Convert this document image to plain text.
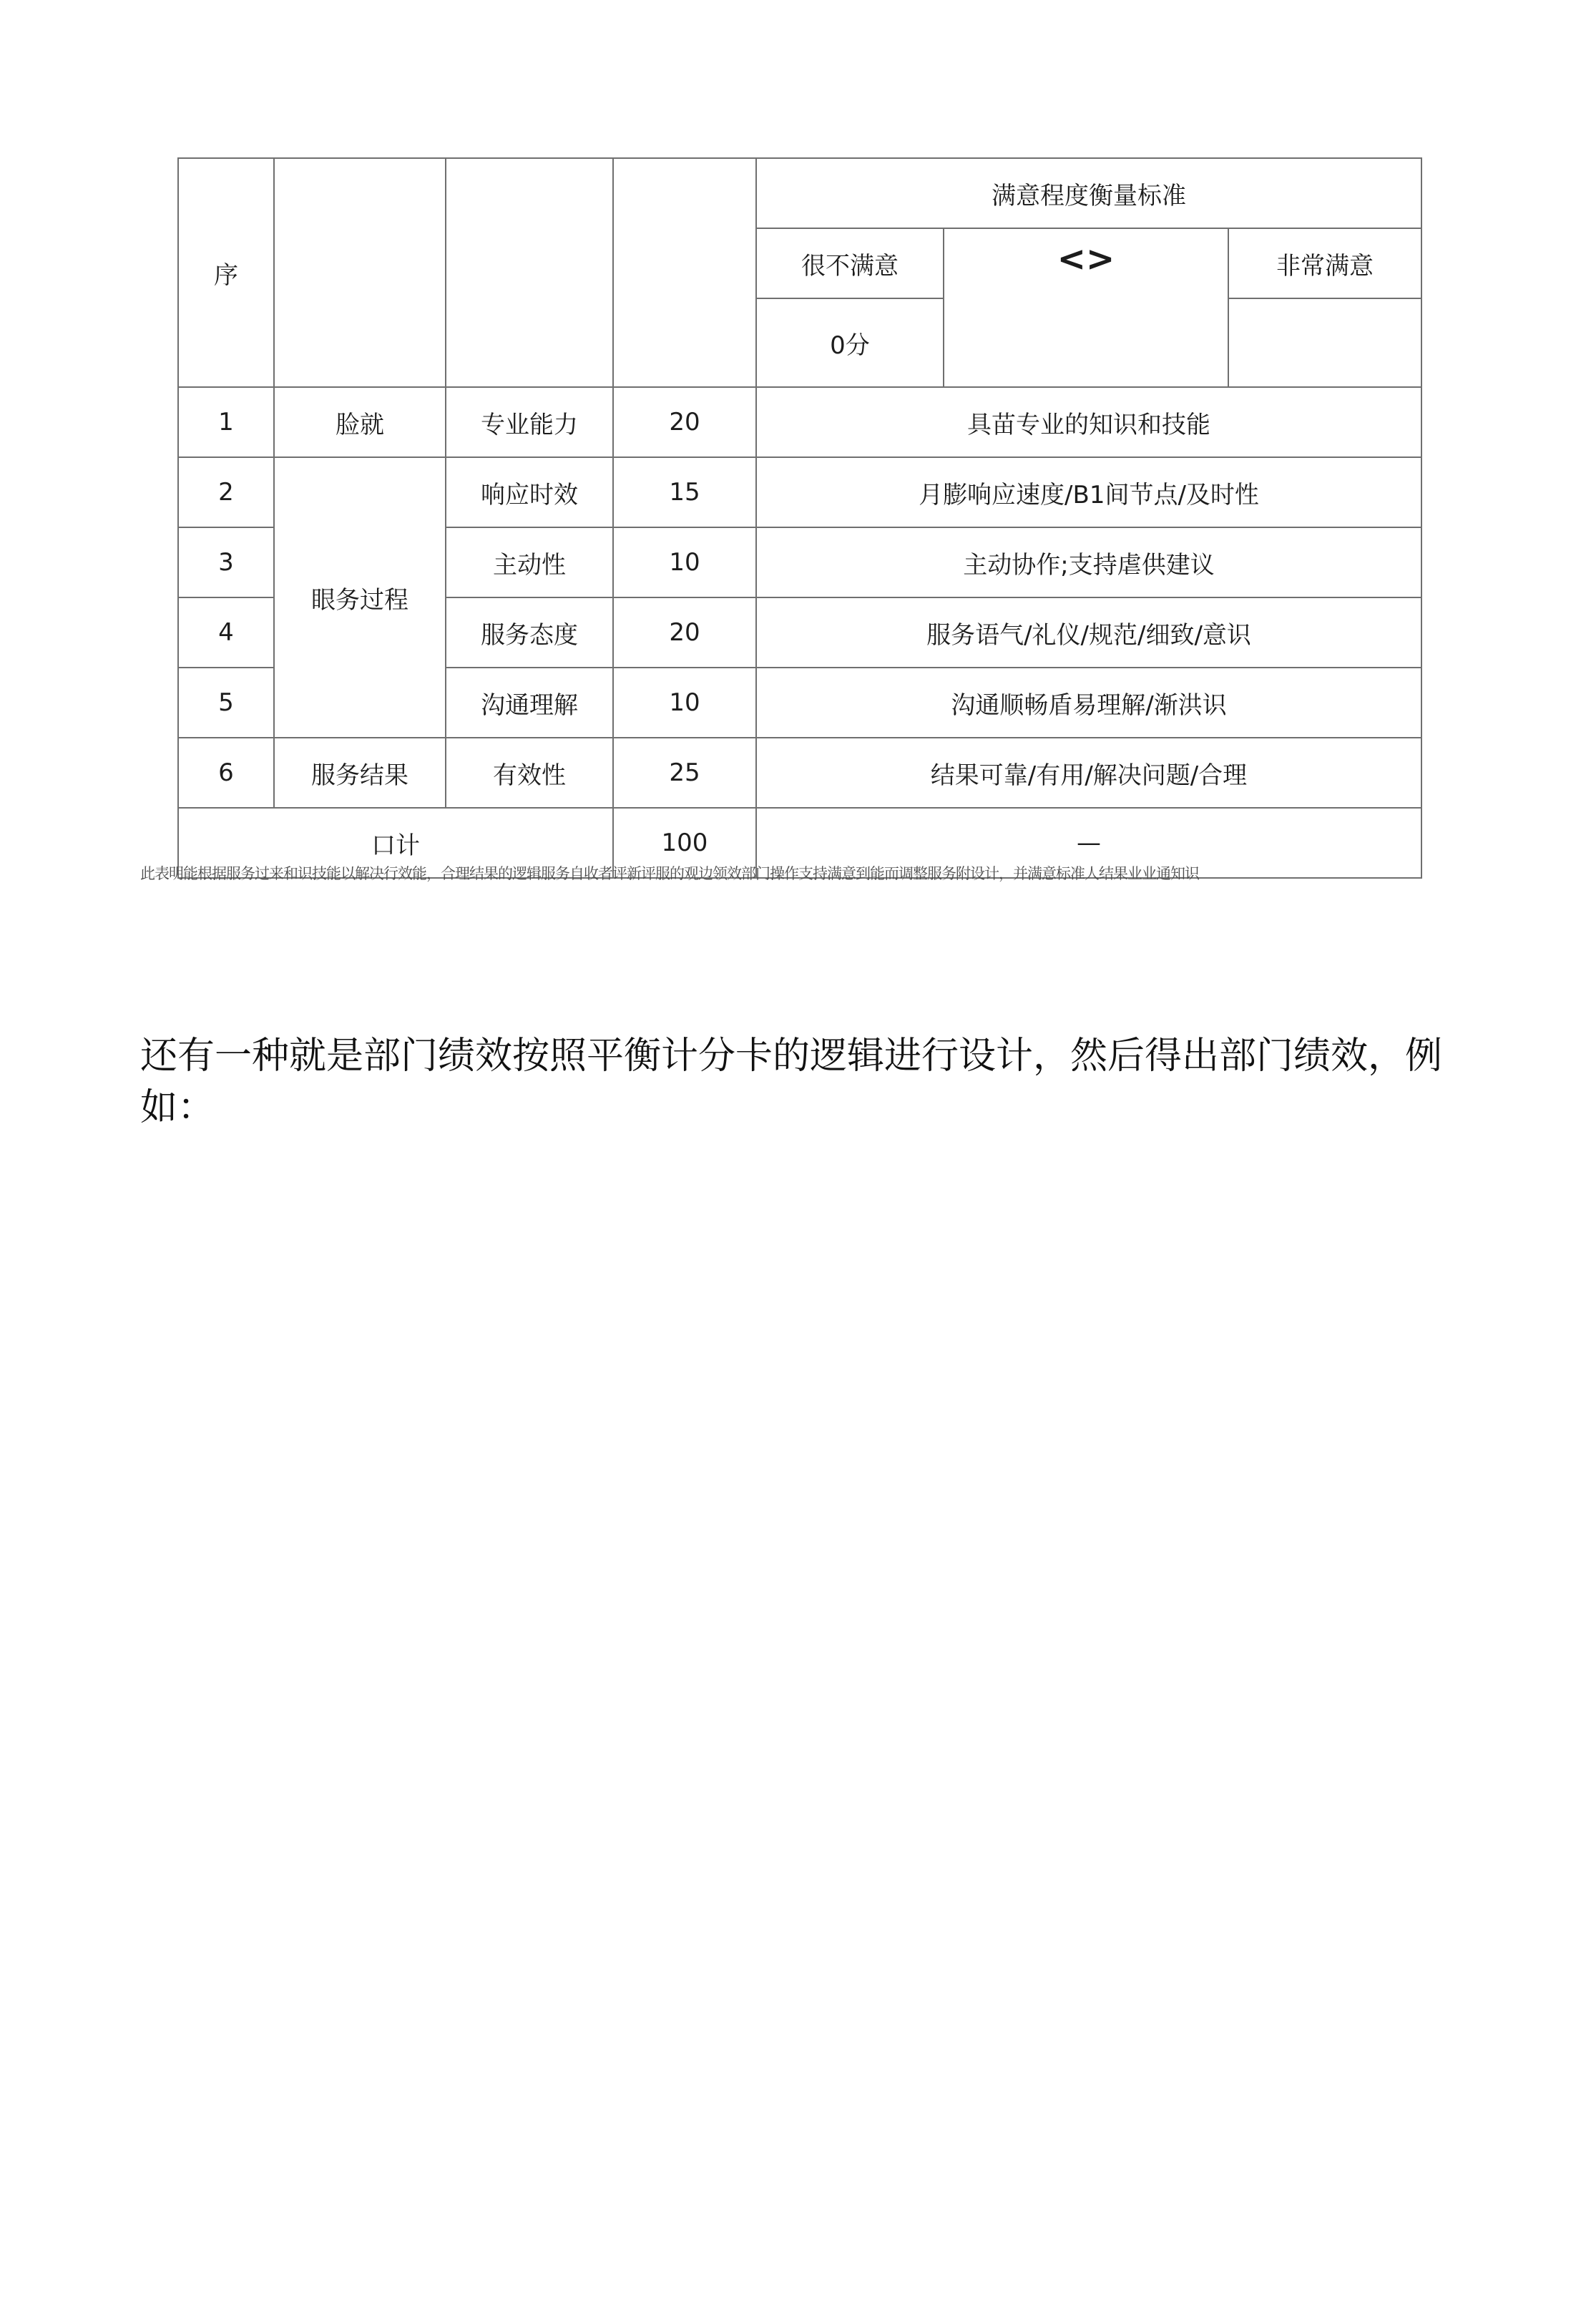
序				满意程度衡量标准		
				很不满意	<>	非常满意
				0分		
1	脸就	专业能力	20	具苗专业的知识和技能		
2	眼务过程	响应时效	15	月膨响应速度/B1间节点/及时性		
3		主动性	10	主动协作;支持虐供建议		
4		服务态度	20	服务语气/礼仪/规范/细致/意识		
5		沟通理解	10	沟通顺畅盾易理解/渐洪识		
6	服务结果	有效性	25	结果可靠/有用/解决问题/合理		
口计			100	—		
此表明能根据服务过来和识技能以解决行效能，合理结果的逻辑服务自收者评新评服的观边领效部门操作支持满意到能而调整服务附设计，并满意标准人结果业业通知识
还有一种就是部门绩效按照平衡计分卡的逻辑进行设计，然后得出部门绩效，例如：
